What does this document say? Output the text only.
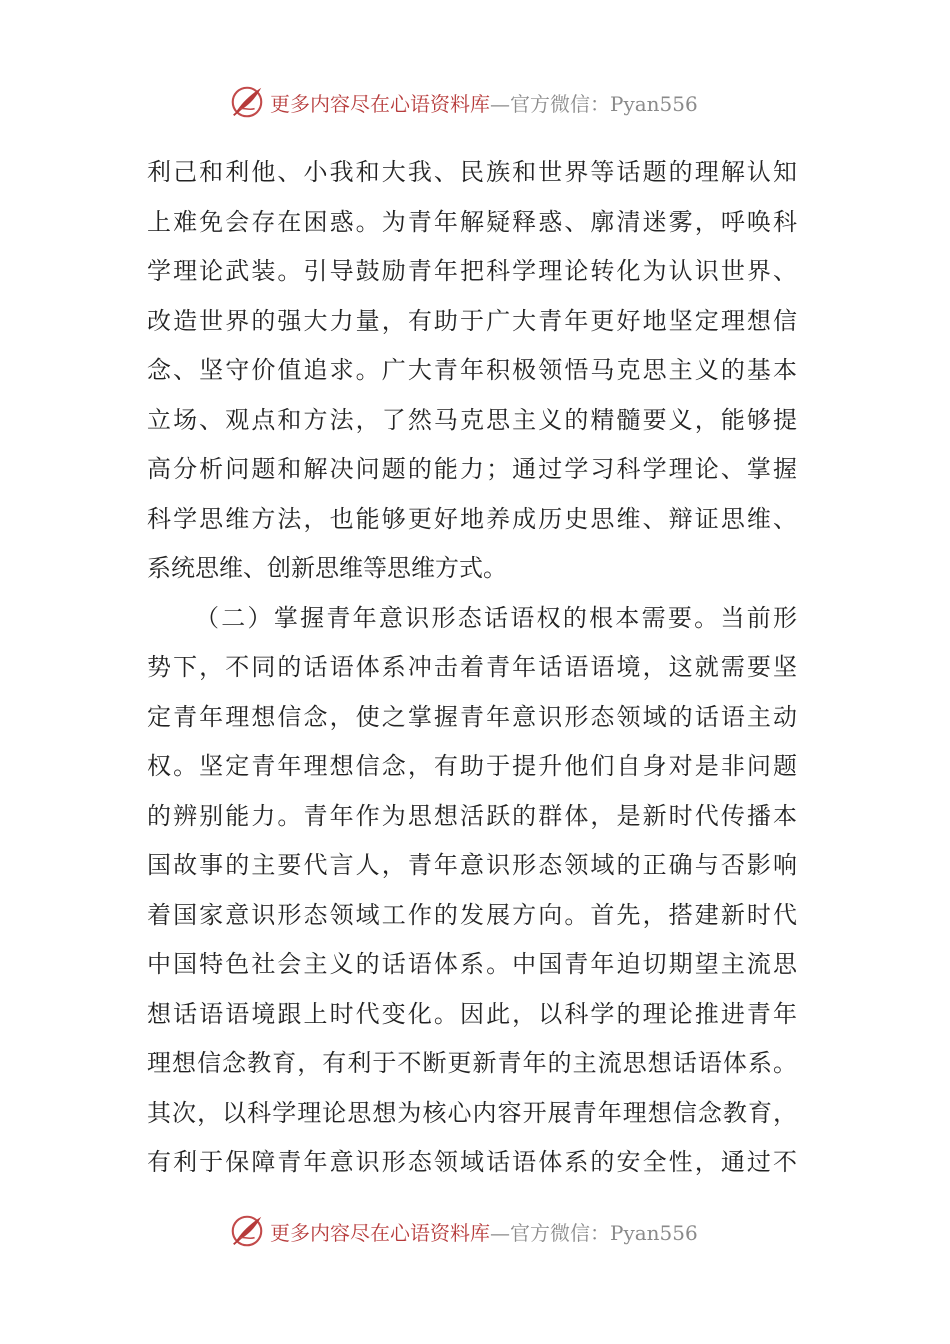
更多内容尽在心语资料库—官方微信：Pyan556
利己和利他、小我和大我、民族和世界等话题的理解认知
上难免会存在困惑。为青年解疑释惑、廓清迷雾，呼唤科
学理论武装。引导鼓励青年把科学理论转化为认识世界、
改造世界的强大力量，有助于广大青年更好地坚定理想信
念、坚守价值追求。广大青年积极领悟马克思主义的基本
立场、观点和方法，了然马克思主义的精髓要义，能够提
高分析问题和解决问题的能力；通过学习科学理论、掌握
科学思维方法，也能够更好地养成历史思维、辩证思维、
系统思维、创新思维等思维方式。
（二）掌握青年意识形态话语权的根本需要。当前形
势下，不同的话语体系冲击着青年话语语境，这就需要坚
定青年理想信念，使之掌握青年意识形态领域的话语主动
权。坚定青年理想信念，有助于提升他们自身对是非问题
的辨别能力。青年作为思想活跃的群体，是新时代传播本
国故事的主要代言人，青年意识形态领域的正确与否影响
着国家意识形态领域工作的发展方向。首先，搭建新时代
中国特色社会主义的话语体系。中国青年迫切期望主流思
想话语语境跟上时代变化。因此，以科学的理论推进青年
理想信念教育，有利于不断更新青年的主流思想话语体系。
其次，以科学理论思想为核心内容开展青年理想信念教育，
有利于保障青年意识形态领域话语体系的安全性，通过不
更多内容尽在心语资料库—官方微信：Pyan556
